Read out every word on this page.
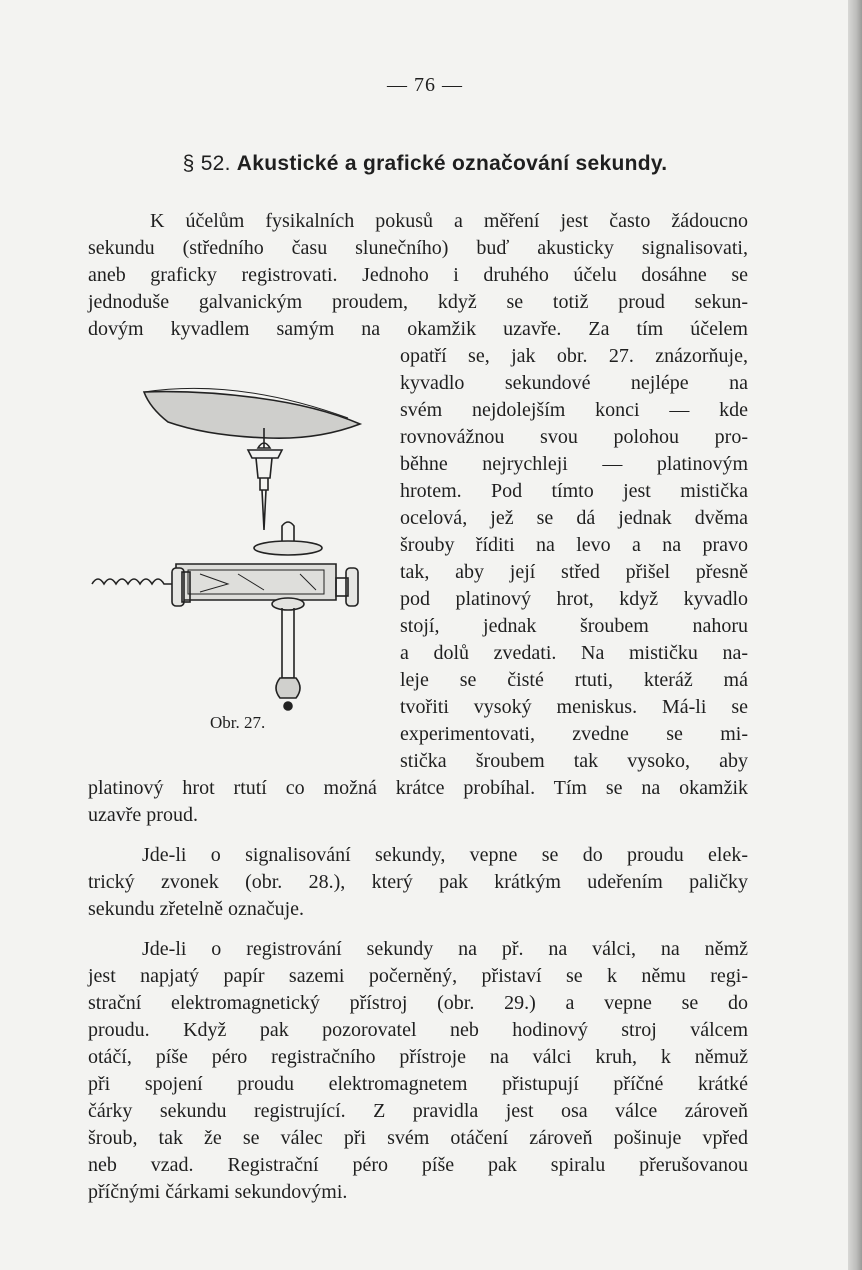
— 76 —
§ 52. Akustické a grafické označování sekundy.
K účelům fysikalních pokusů a měření jest často žádoucno
sekundu (středního času slunečního) buď akusticky signalisovati,
aneb graficky registrovati. Jednoho i druhého účelu dosáhne se
jednoduše galvanickým proudem, když se totiž proud sekun-
dovým kyvadlem samým na okamžik uzavře. Za tím účelem
opatří se, jak obr. 27. znázorňuje,
kyvadlo sekundové nejlépe na
svém nejdolejším konci — kde
rovnovážnou svou polohou pro-
běhne nejrychleji — platinovým
hrotem. Pod tímto jest mistička
ocelová, jež se dá jednak dvěma
šrouby říditi na levo a na pravo
tak, aby její střed přišel přesně
pod platinový hrot, když kyvadlo
stojí, jednak šroubem nahoru
a dolů zvedati. Na mističku na-
leje se čisté rtuti, kteráž má
tvořiti vysoký meniskus. Má-li se
experimentovati, zvedne se mi-
stička šroubem tak vysoko, aby
platinový hrot rtutí co možná krátce probíhal. Tím se na okamžik
uzavře proud.
Jde-li o signalisování sekundy, vepne se do proudu elek-
trický zvonek (obr. 28.), který pak krátkým udeřením paličky
sekundu zřetelně označuje.
Jde-li o registrování sekundy na př. na válci, na němž
jest napjatý papír sazemi počerněný, přistaví se k němu regi-
strační elektromagnetický přístroj (obr. 29.) a vepne se do
proudu. Když pak pozorovatel neb hodinový stroj válcem
otáčí, píše péro registračního přístroje na válci kruh, k němuž
při spojení proudu elektromagnetem přistupují příčné krátké
čárky sekundu registrující. Z pravidla jest osa válce zároveň
šroub, tak že se válec při svém otáčení zároveň pošinuje vpřed
neb vzad. Registrační péro píše pak spiralu přerušovanou
příčnými čárkami sekundovými.
Obr. 27.
